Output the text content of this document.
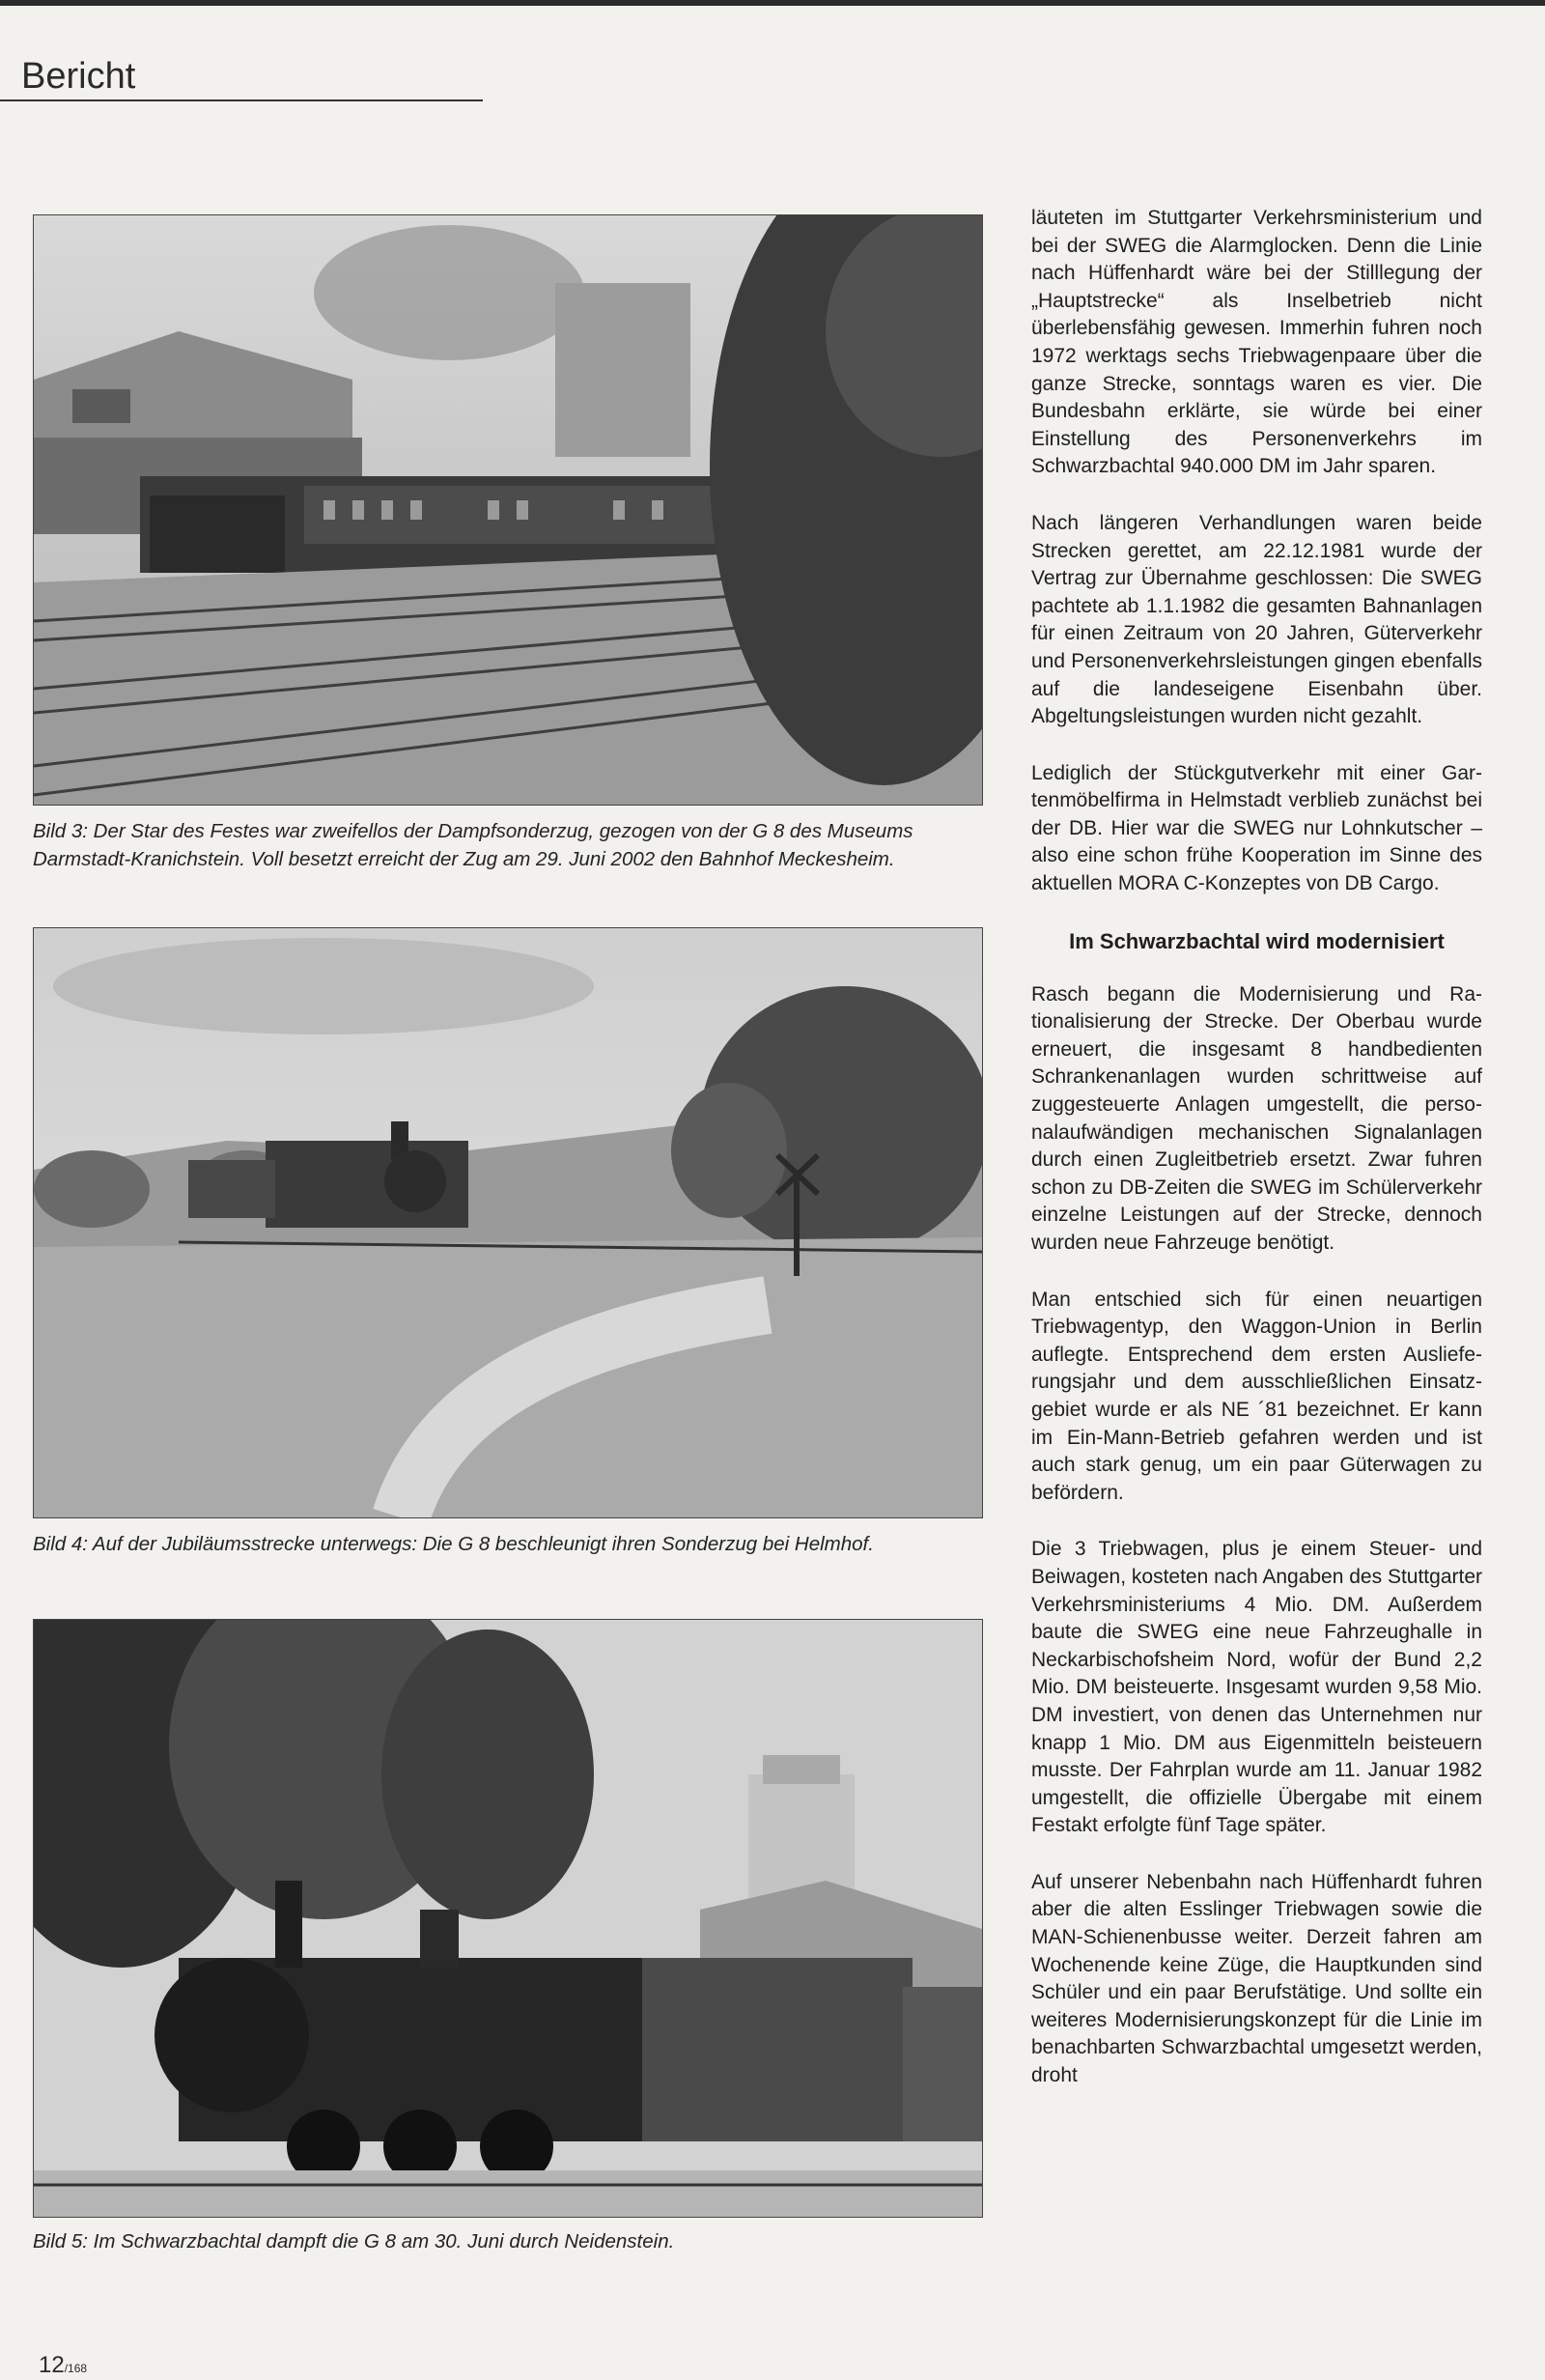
Bericht

Bild 3: Der Star des Festes war zweifellos der Dampfsonderzug, gezogen von der G 8 des Museums Darmstadt-Kranichstein. Voll besetzt erreicht der Zug am 29. Juni 2002 den Bahnhof Meckesheim.

Bild 4: Auf der Jubiläumsstrecke unterwegs: Die G 8 beschleunigt ihren Sonderzug bei Helmhof.

Bild 5: Im Schwarzbachtal dampft die G 8 am 30. Juni durch Neidenstein.

läuteten im Stuttgarter Verkehrsministerium und bei der SWEG die Alarmglocken. Denn die Linie nach Hüffenhardt wäre bei der Stilllegung der „Hauptstrecke“ als Inselbetrieb nicht überlebensfähig gewesen. Immerhin fuhren noch 1972 werktags sechs Triebwagenpaare über die ganze Strecke, sonntags waren es vier. Die Bundesbahn erklärte, sie würde bei einer Einstellung des Personenverkehrs im Schwarzbachtal 940.000 DM im Jahr sparen.

Nach längeren Verhandlungen waren beide Strecken gerettet, am 22.12.1981 wurde der Vertrag zur Übernahme geschlossen: Die SWEG pachtete ab 1.1.1982 die gesamten Bahnanlagen für einen Zeitraum von 20 Jahren, Güterverkehr und Personenverkehrsleistungen gingen ebenfalls auf die landeseigene Eisenbahn über. Abgeltungsleistungen wurden nicht gezahlt.

Lediglich der Stückgutverkehr mit einer Gartenmöbelfirma in Helmstadt verblieb zunächst bei der DB. Hier war die SWEG nur Lohnkutscher – also eine schon frühe Kooperation im Sinne des aktuellen MORA C-Konzeptes von DB Cargo.

Im Schwarzbachtal wird modernisiert

Rasch begann die Modernisierung und Rationalisierung der Strecke. Der Oberbau wurde erneuert, die insgesamt 8 handbedienten Schrankenanlagen wurden schrittweise auf zuggesteuerte Anlagen umgestellt, die personalaufwändigen mechanischen Signalanlagen durch einen Zugleitbetrieb ersetzt. Zwar fuhren schon zu DB-Zeiten die SWEG im Schülerverkehr einzelne Leistungen auf der Strecke, dennoch wurden neue Fahrzeuge benötigt.

Man entschied sich für einen neuartigen Triebwagentyp, den Waggon-Union in Berlin auflegte. Entsprechend dem ersten Auslieferungsjahr und dem ausschließlichen Einsatzgebiet wurde er als NE ´81 bezeichnet. Er kann im Ein-Mann-Betrieb gefahren werden und ist auch stark genug, um ein paar Güterwagen zu befördern.

Die 3 Triebwagen, plus je einem Steuer- und Beiwagen, kosteten nach Angaben des Stuttgarter Verkehrsministeriums 4 Mio. DM. Außerdem baute die SWEG eine neue Fahrzeughalle in Neckarbischofsheim Nord, wofür der Bund 2,2 Mio. DM beisteuerte. Insgesamt wurden 9,58 Mio. DM investiert, von denen das Unternehmen nur knapp 1 Mio. DM aus Eigenmitteln beisteuern musste. Der Fahrplan wurde am 11. Januar 1982 umgestellt, die offizielle Übergabe mit einem Festakt erfolgte fünf Tage später.

Auf unserer Nebenbahn nach Hüffenhardt fuhren aber die alten Esslinger Triebwagen sowie die MAN-Schienenbusse weiter. Derzeit fahren am Wochenende keine Züge, die Hauptkunden sind Schüler und ein paar Berufstätige. Und sollte ein weiteres Modernisierungskonzept für die Linie im benachbarten Schwarzbachtal umgesetzt werden, droht

12/168
